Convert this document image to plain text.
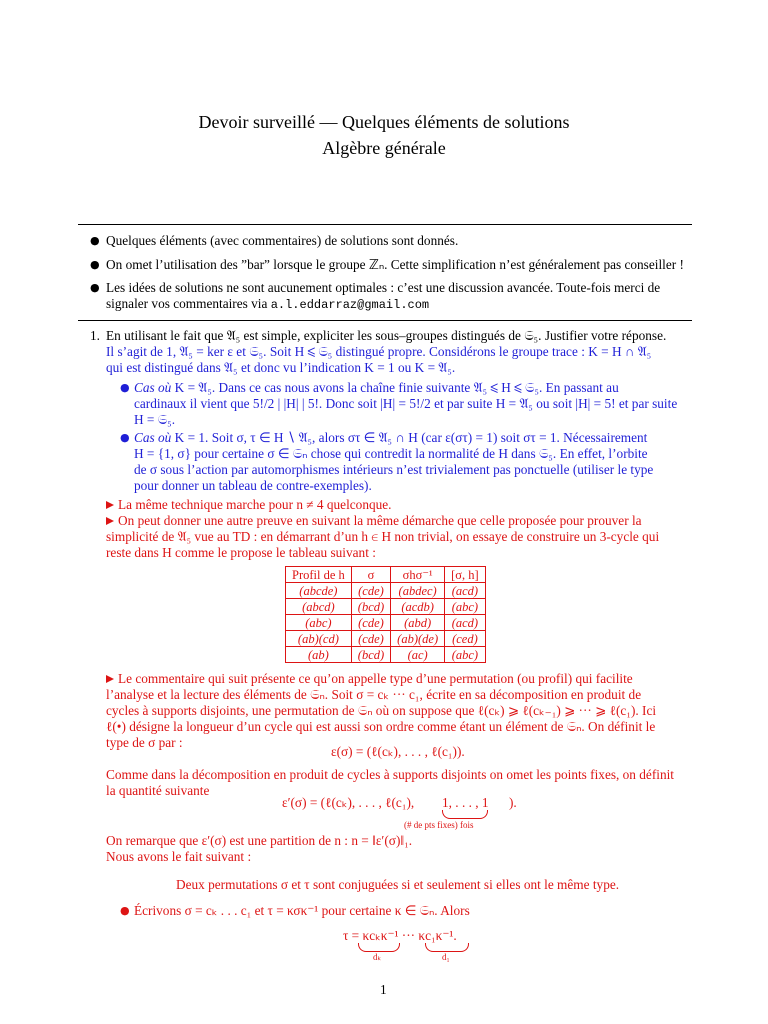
Devoir surveillé — Quelques éléments de solutions
Algèbre générale
● Quelques éléments (avec commentaires) de solutions sont donnés.
● On omet l’utilisation des ”bar” lorsque le groupe ℤₙ. Cette simplification n’est généralement pas conseiller !
● Les idées de solutions ne sont aucunement optimales : c’est une discussion avancée. Toute-fois merci de
signaler vos commentaires via a.l.eddarraz@gmail.com
1. En utilisant le fait que 𝔄₅ est simple, expliciter les sous–groupes distingués de 𝔖₅. Justifier votre réponse.
Il s’agit de 1, 𝔄₅ = ker ε et 𝔖₅. Soit H ⩽ 𝔖₅ distingué propre. Considérons le groupe trace : K = H ∩ 𝔄₅
qui est distingué dans 𝔄₅ et donc vu l’indication K = 1 ou K = 𝔄₅.
● Cas où K = 𝔄₅. Dans ce cas nous avons la chaîne finie suivante 𝔄₅ ⩽ H ⩽ 𝔖₅. En passant au
cardinaux il vient que 5!/2 | |H| | 5!. Donc soit |H| = 5!/2 et par suite H = 𝔄₅ ou soit |H| = 5! et par suite
H = 𝔖₅.
● Cas où K = 1. Soit σ, τ ∈ H ∖ 𝔄₅, alors στ ∈ 𝔄₅ ∩ H (car ε(στ) = 1) soit στ = 1. Nécessairement
H = {1, σ} pour certaine σ ∈ 𝔖ₙ chose qui contredit la normalité de H dans 𝔖₅. En effet, l’orbite
de σ sous l’action par automorphismes intérieurs n’est trivialement pas ponctuelle (utiliser le type
pour donner un tableau de contre-exemples).
La même technique marche pour n ≠ 4 quelconque.
On peut donner une autre preuve en suivant la même démarche que celle proposée pour prouver la
simplicité de 𝔄₅ vue au TD : en démarrant d’un h ∈ H non trivial, on essaye de construire un 3-cycle qui
reste dans H comme le propose le tableau suivant :
Profil de h	σ	σhσ⁻¹	[σ, h]
(abcde)	(cde)	(abdec)	(acd)
(abcd)	(bcd)	(acdb)	(abc)
(abc)	(cde)	(abd)	(acd)
(ab)(cd)	(cde)	(ab)(de)	(ced)
(ab)	(bcd)	(ac)	(abc)
Le commentaire qui suit présente ce qu’on appelle type d’une permutation (ou profil) qui facilite
l’analyse et la lecture des éléments de 𝔖ₙ. Soit σ = cₖ ··· c₁, écrite en sa décomposition en produit de
cycles à supports disjoints, une permutation de 𝔖ₙ où on suppose que ℓ(cₖ) ⩾ ℓ(cₖ₋₁) ⩾ ··· ⩾ ℓ(c₁). Ici
ℓ(•) désigne la longueur d’un cycle qui est aussi son ordre comme étant un élément de 𝔖ₙ. On définit le
type de σ par :
ε(σ) = (ℓ(cₖ), . . . , ℓ(c₁)).
Comme dans la décomposition en produit de cycles à supports disjoints on omet les points fixes, on définit
la quantité suivante
ε′(σ) = (ℓ(cₖ), . . . , ℓ(c₁), 1, . . . , 1 ).
(# de pts fixes) fois
On remarque que ε′(σ) est une partition de n : n = ‖ε′(σ)‖₁.
Nous avons le fait suivant :
Deux permutations σ et τ sont conjuguées si et seulement si elles ont le même type.
● Écrivons σ = cₖ . . . c₁ et τ = κσκ⁻¹ pour certaine κ ∈ 𝔖ₙ. Alors
τ = κcₖκ⁻¹ ··· κc₁κ⁻¹.
dₖ	d₁
1
